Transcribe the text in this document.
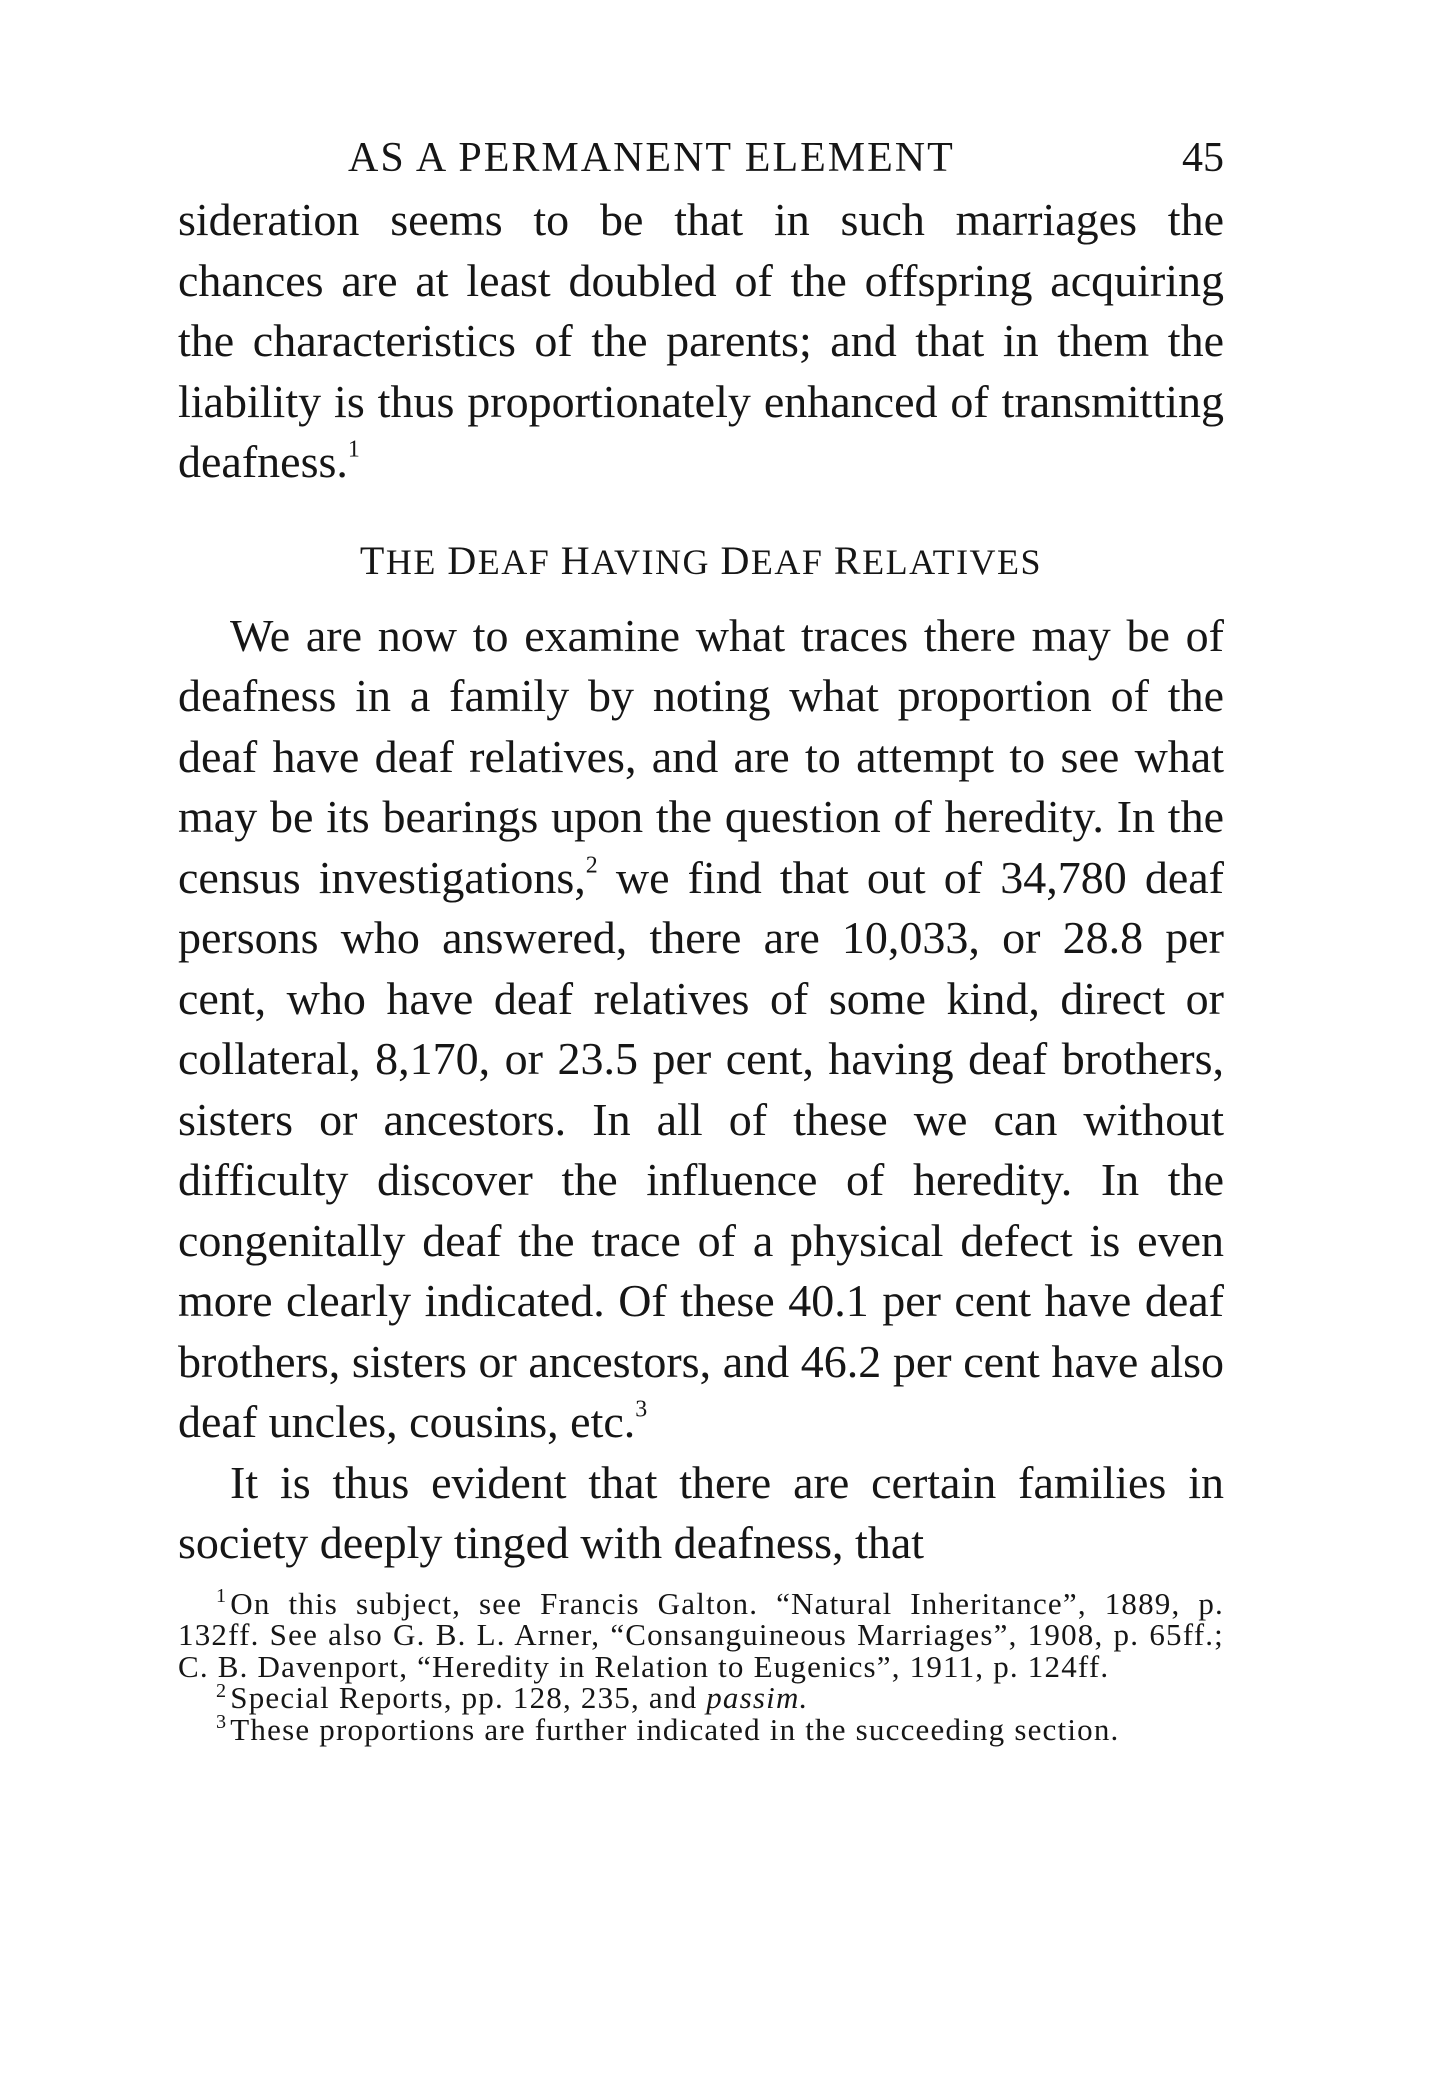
AS A PERMANENT ELEMENT	45

sideration seems to be that in such marriages the chances are at least doubled of the offspring acquiring the characteristics of the parents; and that in them the liability is thus proportionately enhanced of transmitting deafness.$^1$

THE DEAF HAVING DEAF RELATIVES

We are now to examine what traces there may be of deafness in a family by noting what proportion of the deaf have deaf relatives, and are to attempt to see what may be its bearings upon the question of heredity. In the census investigations,$^2$ we find that out of 34,780 deaf persons who answered, there are 10,033, or 28.8 per cent, who have deaf relatives of some kind, direct or collateral, 8,170, or 23.5 per cent, having deaf brothers, sisters or ancestors. In all of these we can without difficulty discover the influence of heredity. In the congenitally deaf the trace of a physical defect is even more clearly indicated. Of these 40.1 per cent have deaf brothers, sisters or ancestors, and 46.2 per cent have also deaf uncles, cousins, etc.$^3$

It is thus evident that there are certain families in society deeply tinged with deafness, that

$^1$On this subject, see Francis Galton. “Natural Inheritance”, 1889, p. 132ff. See also G. B. L. Arner, “Consanguineous Marriages”, 1908, p. 65ff.; C. B. Davenport, “Heredity in Relation to Eugenics”, 1911, p. 124ff.

$^2$Special Reports, pp. 128, 235, and passim.

$^3$These proportions are further indicated in the succeeding section.
